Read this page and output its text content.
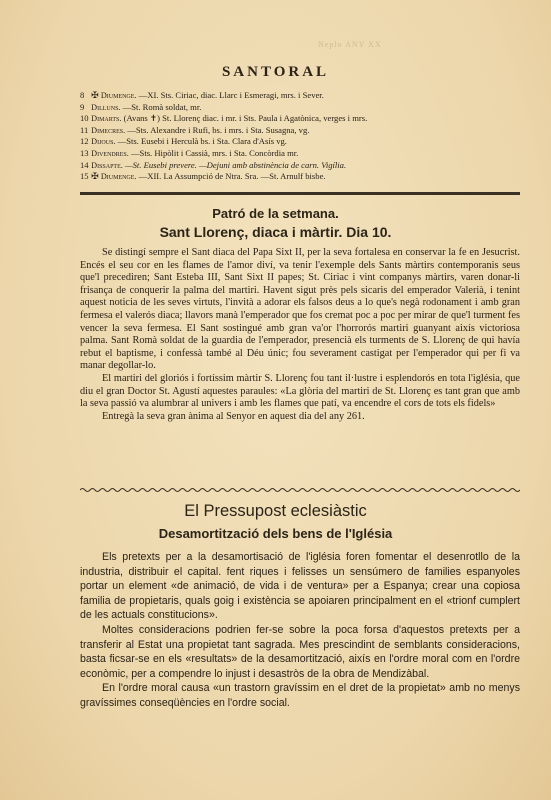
Neplo ANY XX
SANTORAL
8 ✠ Diumenge. —XI. Sts. Ciriac, diac. Llarc i Esmeragi, mrs. i Sever.
9 Dilluns. —St. Romà soldat, mr.
10 Dimarts. (Avans ✝) St. Llorenç diac. i mr. i Sts. Paula i Agatònica, verges i mrs.
11 Dimecres. —Sts. Alexandre i Rufi, bs. i mrs. i Sta. Susagna, vg.
12 Dijous. —Sts. Eusebi i Herculà bs. i Sta. Clara d'Asís vg.
13 Divendres. —Sts. Hipòlit i Cassià, mrs. i Sta. Concòrdia mr.
14 Dissapte. —St. Eusebi prevere. —Dejuni amb abstinència de carn. Vigília.
15 ✠ Diumenge. —XII. La Assumpció de Ntra. Sra. —St. Arnulf bisbe.
Patró de la setmana.
Sant Llorenç, diaca i màrtir. Dia 10.

Se distingí sempre el Sant diaca del Papa Sixt II, per la seva fortalesa en conservar la fe en Jesucrist. Encés el seu cor en les flames de l'amor diví, va tenir l'exemple dels Sants màrtirs contemporanis seus que'l precediren; Sant Esteba III, Sant Sixt II papes; St. Ciriac i vint companys màrtirs, varen donar-li frisança de conquerir la palma del martiri. Havent sigut près pels sicaris del emperador Valerià, i tenint aquest noticia de les seves virtuts, l'invità a adorar els falsos deus a lo que's negà rodonament i amb gran fermesa el valerós diaca; llavors manà l'emperador que fos cremat poc a poc per mirar de que'l turment fes vencer la seva fermesa. El Sant sostingué amb gran va'or l'horrorós martiri guanyant aixís victoriosa palma. Sant Romà soldat de la guardia de l'emperador, presencià els turments de S. Llorenç de qui havía rebut el baptisme, i confessà també al Déu únic; fou severament castigat per l'emperador qui per fi va manar degollar-lo.

El martiri del gloriós i fortíssim màrtir S. Llorenç fou tant il·lustre i esplendorós en tota l'iglésia, que diu el gran Doctor St. Agustí aquestes paraules: «La glòria del martiri de St. Llorenç es tant gran que amb la seva passió va alumbrar al univers i amb les flames que patí, va encendre el cors de tots els fidels»

Entregà la seva gran ànima al Senyor en aquest dia del any 261.

El Pressupost eclesiàstic
Desamortització dels bens de l'Iglésia

Els pretexts per a la desamortisació de l'iglésia foren fomentar el desenrotllo de la industria, distribuir el capital. fent riques i felisses un sensúmero de families espanyoles portar un element «de animació, de vida i de ventura» per a Espanya; crear una copiosa familia de propietaris, quals goig i existència se apoiaren principalment en el «trionf cumplert de les actuals constitucions».

Moltes consideracions podrien fer-se sobre la poca forsa d'aquestos pretexts per a transferir al Estat una propietat tant sagrada. Mes prescindint de semblants consideracions, basta ficsar-se en els «resultats» de la desamortització, aixís en l'ordre moral com en l'ordre econòmic, per a compendre lo injust i desastròs de la obra de Mendizàbal.

En l'ordre moral causa «un trastorn gravíssim en el dret de la propietat» amb no menys gravíssimes conseqüències en l'ordre social.
